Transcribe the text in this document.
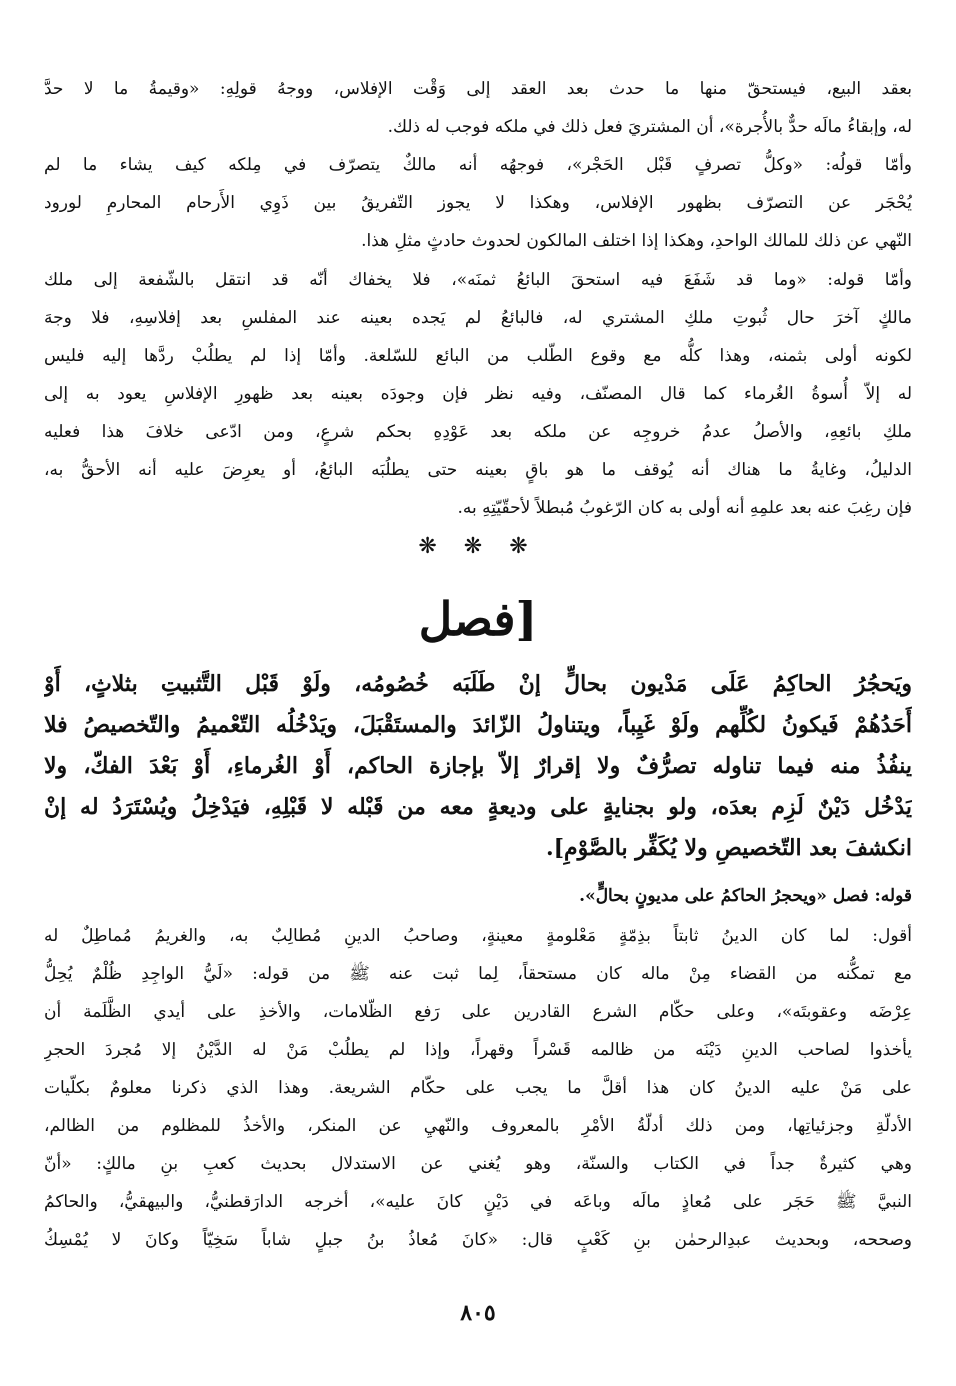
بعقد البيع، فيستحقّ منها ما حدث بعد العقد إلى وَقْت الإفلاس، ووجهُ قولِهِ: «وقيمةُ ما لا حدَّ
له، وإبقاءُ مالَه حدٌّ بالأُجرة»، أن المشتريَ فعل ذلك في ملكه فوجب له ذلك.
وأمّا قولُه: «وكلُّ تصرفٍ قَبْل الحَجْر»، فوجهُه أنه مالكٌ يتصرّف في مِلكه كيف يشاء ما لم
يُحْجَر عن التصرّف بظهور الإفلاس، وهكذا لا يجوز التّفريقُ بين ذَوِي الأَرحام المحارمِ لورود
النّهي عن ذلك للمالك الواحدِ، وهكذا إذا اختلف المالكون لحدوث حادثٍ مثلِ هذا.
وأمّا قوله: «وما قد شَفَعَ فيه استحقَ البائعُ ثمنَه»، فلا يخفاك أنّه قد انتقل بالشّفعة إلى ملك
مالكٍ آخرَ حال ثُبوتِ ملكِ المشتري له، فالبائعُ لم يَجده بعينه عند المفلسِ بعد إفلاسِهِ، فلا وجهَ
لكونه أولى بثمنه، وهذا كلُّه مع وقوع الطّلب من البائع للسّلعة. وأمّا إذا لم يطلُبْ ردَّها إليه فليس
له إلاّ أُسوةُ الغُرماء كما قال المصنّف، وفيه نظر فإن وجودَه بعينه بعد ظهورِ الإفلاسِ يعود به إلى
ملكِ بائعِهِ، والأصلُ عدمُ خروجِه عن ملكه بعد عَوْدِهِ بحكم شرعٍ، ومن ادّعى خلافَ هذا فعليه
الدليلُ، وغايةُ ما هناك أنه يُوقف ما هو باقٍ بعينه حتى يطلُبَه البائعُ، أو يعرِضَ عليه أنه الأحقُّ به،
فإن رغِبَ عنه بعد علمِهِ أنه أولى به كان الرّغوبُ مُبطلاً لأحقّيّتِهِ به.
❋ ❋ ❋
[فصل
ويَحجُرُ الحاكِمُ عَلَى مَدْيون بحالٍّ إنْ طَلَبَه خُصُومُه، ولَوْ قَبْل التَّثبيتِ بثلاثٍ، أَوْ
أَحَدُهُمْ فَيكونُ لكُلِّهم ولَوْ غَيِباً، ويتناولُ الزّائدَ والمستَقْبَلَ، ويَدْخُلُه التّعْميمُ والتّخصيصُ فلا
ينفُذُ منه فيما تناوله تصرُّفٌ ولا إقرارٌ إلاّ بإجازة الحاكم، أَوْ الغُرماءِ، أَوْ بَعْدَ الفكّ، ولا
يَدْخُل دَيْنٌ لَزِم بعدَه، ولو بجنايةٍ على وديعةٍ معه من قَبْله لا قَبْلِهِ، فيَدْخِلُ ويُسْتَرَدُ له إنْ
انكشفَ بعد التّخصيصِ ولا يُكَفِّر بالصَّوْمِ].
قوله: فصل «ويحجرُ الحاكمُ على مديونٍ بحالٍّ».
أقول: لما كان الدينُ ثابتاً بذِمّةٍ مَعْلومةٍ معينةٍ، وصاحبُ الدينِ مُطالِبٌ به، والغريمُ مُماطِلٌ له
مع تمكُّنه من القضاء مِنْ ماله كان مستحقاً، لِما ثبت عنه ﷺ من قوله: «لَيُّ الواجِدِ ظُلْمٌ يُحِلُّ
عِرْضَه وعقوبتَه»، وعلى حكّام الشرع القادرين على رَفع الظّلامات، والأخذِ على أيدي الظَّلَمة أن
يأخذوا لصاحب الدينِ دَيْنَه من ظالمه قَسْراً وقهراً، وإذا لم يطلُبْ مَنْ له الدَّيْنُ إلا مُجردَ الحجرِ
على مَنْ عليه الدينُ كان هذا أقلَّ ما يجب على حكّام الشريعة. وهذا الذي ذكرنا معلومٌ بكلّيات
الأدلّةِ وجزئياتِها، ومن ذلك أدلّةُ الأمْرِ بالمعروف والنّهيِ عن المنكر، والأخذُ للمظلوم من الظالم،
وهي كثيرةٌ جداً في الكتاب والسنّة، وهو يُغني عن الاستدلال بحديث كعبِ بنِ مالكٍ: «أنّ
النبيَّ ﷺ حَجَر على مُعاذٍ مالَه وباعَه في دَيْنٍ كانَ عليه»، أخرجه الدارَقطنيُّ، والبيهقيُّ، والحاكمُ
وصححه، وبحديث عبدِالرحمٰن بنِ كَعْبٍ قال: «كانَ مُعاذُ بنُ جبلٍ شاباً سَخِيّاً وكانَ لا يُمْسِكُ
٨٠٥
